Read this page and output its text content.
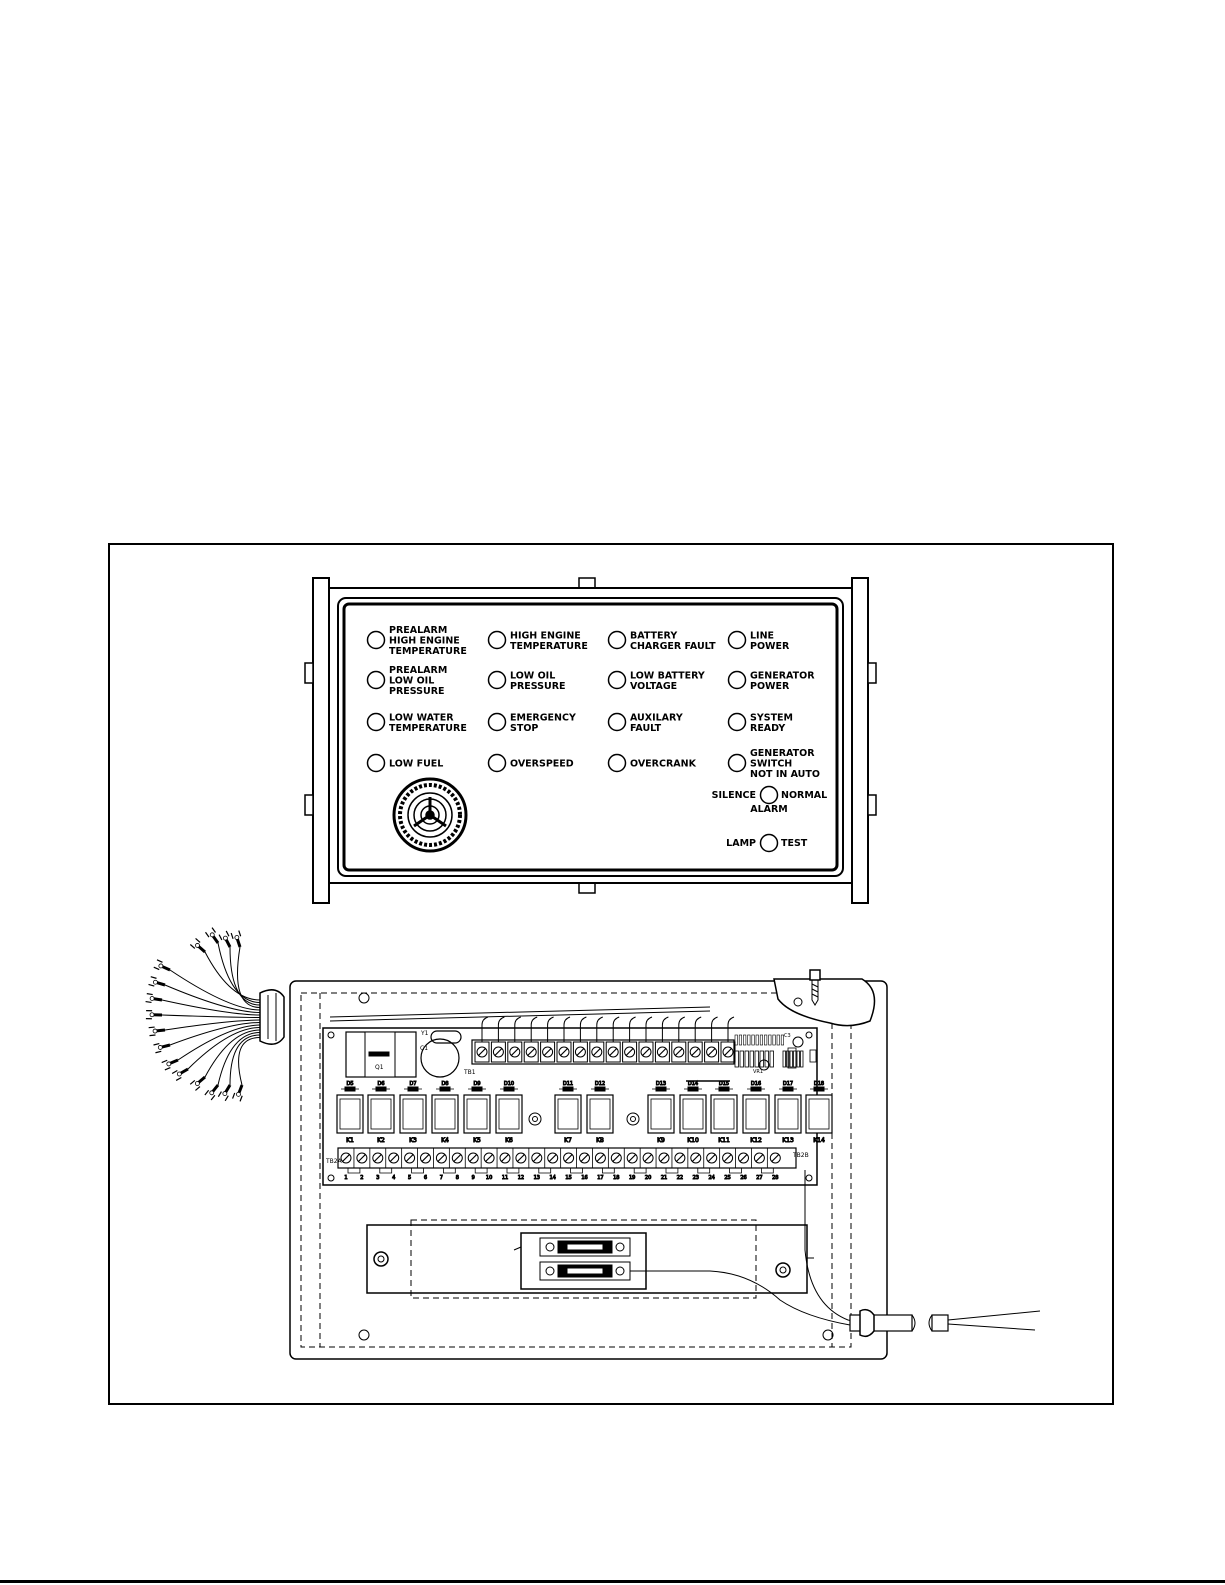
PREALARM
HIGH ENGINE
TEMPERATURE
HIGH ENGINE
TEMPERATURE
BATTERY
CHARGER FAULT
LINE
POWER
PREALARM
LOW OIL
PRESSURE
LOW OIL
PRESSURE
LOW BATTERY
VOLTAGE
GENERATOR
POWER
LOW WATER
TEMPERATURE
EMERGENCY
STOP
AUXILARY
FAULT
SYSTEM
READY
LOW FUEL	OVERSPEED	OVERCRANK
GENERATOR
SWITCH
NOT IN AUTO
SILENCE	NORMAL
ALARM
LAMP	TEST
K1
D5
K2
D6
K3
D7
K4
D8
K5
D9
K6
D10
K7
D11
K8
D12
K9
D13
K10
D14
K11
D15
K12
D16
K13
D17
K14
D18
1	2	3	4	5	6	7	8	9 10 11 12 13 14 15 16 17 18 19 20 21 22 23 24 25 26 27 28
TB1
C1
Q1
Y1	C3
VR1
TB2A
TB2B
